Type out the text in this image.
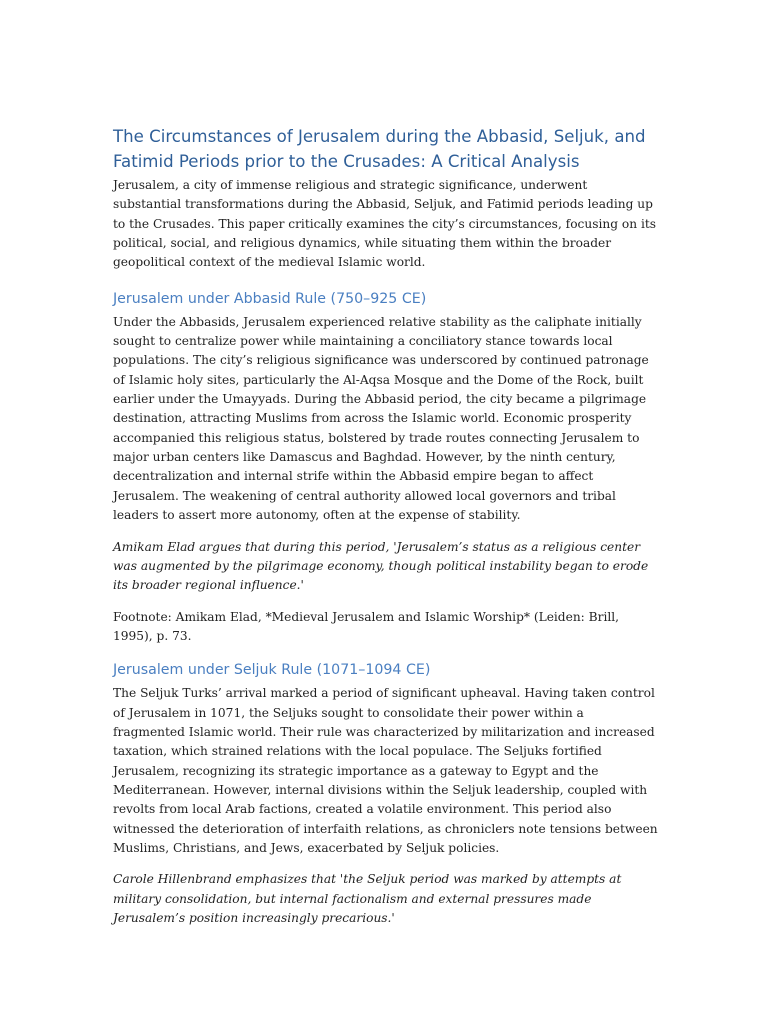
The Circumstances of Jerusalem during the Abbasid, Seljuk, and Fatimid Periods prior to the Crusades: A Critical Analysis

Jerusalem, a city of immense religious and strategic significance, underwent substantial transformations during the Abbasid, Seljuk, and Fatimid periods leading up to the Crusades. This paper critically examines the city’s circumstances, focusing on its political, social, and religious dynamics, while situating them within the broader geopolitical context of the medieval Islamic world.

Jerusalem under Abbasid Rule (750–925 CE)

Under the Abbasids, Jerusalem experienced relative stability as the caliphate initially sought to centralize power while maintaining a conciliatory stance towards local populations. The city’s religious significance was underscored by continued patronage of Islamic holy sites, particularly the Al-Aqsa Mosque and the Dome of the Rock, built earlier under the Umayyads. During the Abbasid period, the city became a pilgrimage destination, attracting Muslims from across the Islamic world. Economic prosperity accompanied this religious status, bolstered by trade routes connecting Jerusalem to major urban centers like Damascus and Baghdad. However, by the ninth century, decentralization and internal strife within the Abbasid empire began to affect Jerusalem. The weakening of central authority allowed local governors and tribal leaders to assert more autonomy, often at the expense of stability.

Amikam Elad argues that during this period, 'Jerusalem’s status as a religious center was augmented by the pilgrimage economy, though political instability began to erode its broader regional influence.'

Footnote: Amikam Elad, *Medieval Jerusalem and Islamic Worship* (Leiden: Brill, 1995), p. 73.

Jerusalem under Seljuk Rule (1071–1094 CE)

The Seljuk Turks’ arrival marked a period of significant upheaval. Having taken control of Jerusalem in 1071, the Seljuks sought to consolidate their power within a fragmented Islamic world. Their rule was characterized by militarization and increased taxation, which strained relations with the local populace. The Seljuks fortified Jerusalem, recognizing its strategic importance as a gateway to Egypt and the Mediterranean. However, internal divisions within the Seljuk leadership, coupled with revolts from local Arab factions, created a volatile environment. This period also witnessed the deterioration of interfaith relations, as chroniclers note tensions between Muslims, Christians, and Jews, exacerbated by Seljuk policies.

Carole Hillenbrand emphasizes that 'the Seljuk period was marked by attempts at military consolidation, but internal factionalism and external pressures made Jerusalem’s position increasingly precarious.'
